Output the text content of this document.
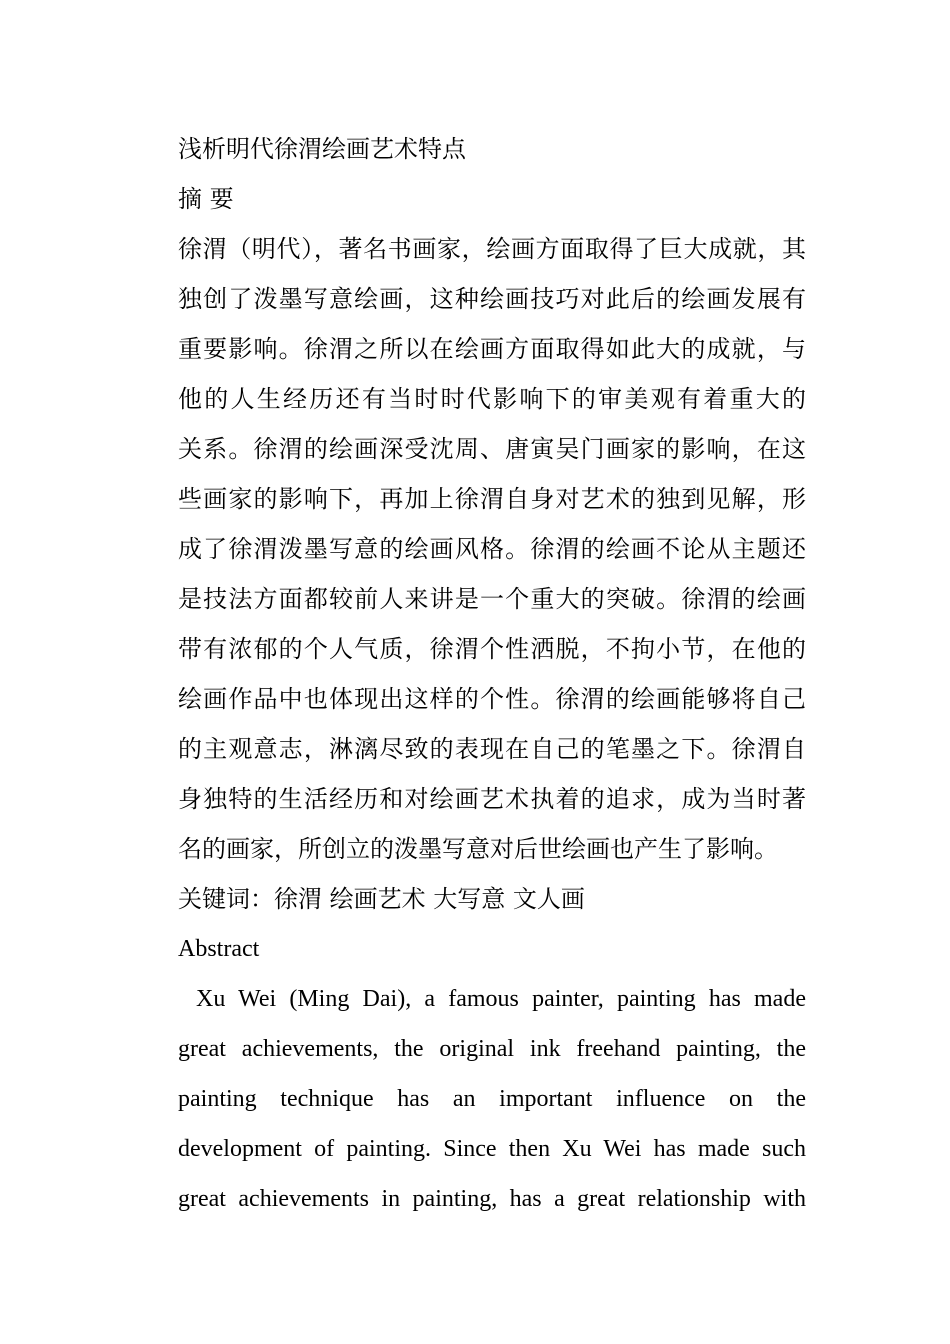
浅析明代徐渭绘画艺术特点
摘 要
徐渭（明代），著名书画家，绘画方面取得了巨大成就，其
独创了泼墨写意绘画，这种绘画技巧对此后的绘画发展有
重要影响。徐渭之所以在绘画方面取得如此大的成就，与
他的人生经历还有当时时代影响下的审美观有着重大的
关系。徐渭的绘画深受沈周、唐寅吴门画家的影响，在这
些画家的影响下，再加上徐渭自身对艺术的独到见解，形
成了徐渭泼墨写意的绘画风格。徐渭的绘画不论从主题还
是技法方面都较前人来讲是一个重大的突破。徐渭的绘画
带有浓郁的个人气质，徐渭个性洒脱，不拘小节，在他的
绘画作品中也体现出这样的个性。徐渭的绘画能够将自己
的主观意志，淋漓尽致的表现在自己的笔墨之下。徐渭自
身独特的生活经历和对绘画艺术执着的追求，成为当时著
名的画家，所创立的泼墨写意对后世绘画也产生了影响。
关键词：徐渭 绘画艺术 大写意 文人画
Abstract
Xu Wei (Ming Dai), a famous painter, painting has made
great achievements, the original ink freehand painting, the
painting technique has an important influence on the
development of painting. Since then Xu Wei has made such
great achievements in painting, has a great relationship with
